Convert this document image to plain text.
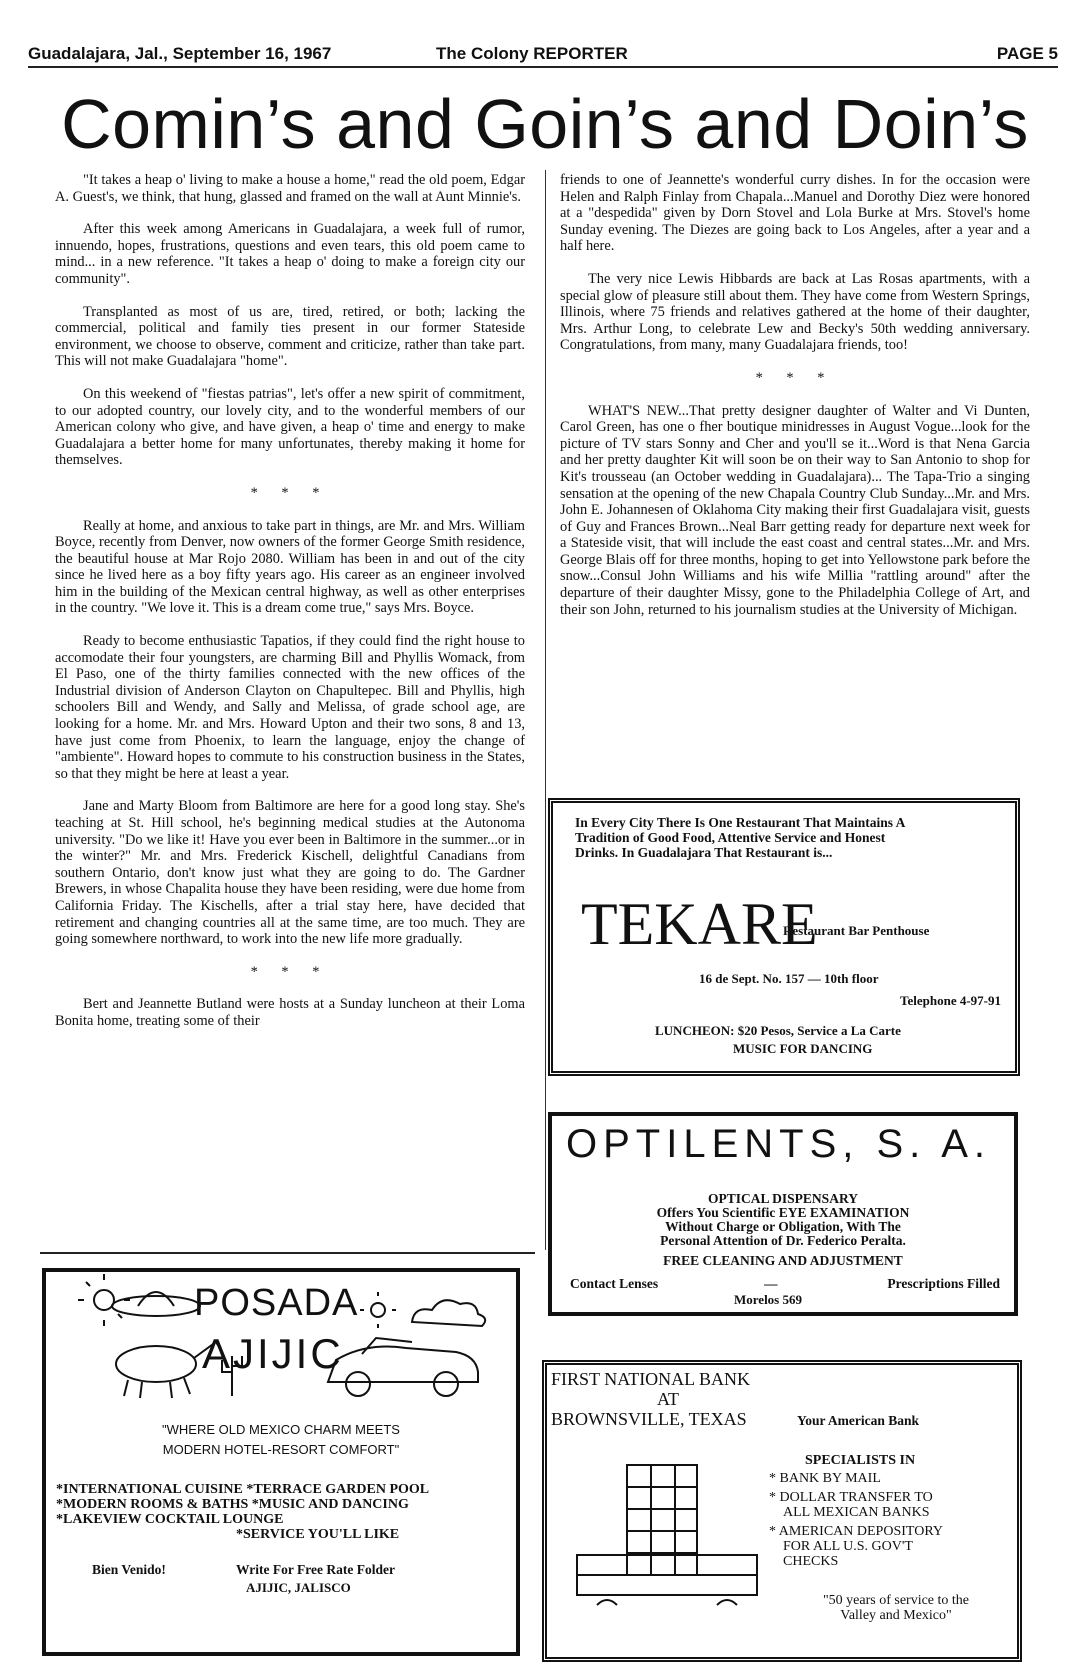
Guadalajara, Jal., September 16, 1967	The Colony REPORTER	PAGE 5
Comin’s and Goin’s and Doin’s

"It takes a heap o' living to make a house a home," read the old poem, Edgar A. Guest's, we think, that hung, glassed and framed on the wall at Aunt Minnie's.

After this week among Americans in Guadalajara, a week full of rumor, innuendo, hopes, frustrations, questions and even tears, this old poem came to mind... in a new reference. "It takes a heap o' doing to make a foreign city our community".

Transplanted as most of us are, tired, retired, or both; lacking the commercial, political and family ties present in our former Stateside environment, we choose to observe, comment and criticize, rather than take part. This will not make Guadalajara "home".

On this weekend of "fiestas patrias", let's offer a new spirit of commitment, to our adopted country, our lovely city, and to the wonderful members of our American colony who give, and have given, a heap o' time and energy to make Guadalajara a better home for many unfortunates, thereby making it home for themselves.

* * *

Really at home, and anxious to take part in things, are Mr. and Mrs. William Boyce, recently from Denver, now owners of the former George Smith residence, the beautiful house at Mar Rojo 2080. William has been in and out of the city since he lived here as a boy fifty years ago. His career as an engineer involved him in the building of the Mexican central highway, as well as other enterprises in the country. "We love it. This is a dream come true," says Mrs. Boyce.

Ready to become enthusiastic Tapatios, if they could find the right house to accomodate their four youngsters, are charming Bill and Phyllis Womack, from El Paso, one of the thirty families connected with the new offices of the Industrial division of Anderson Clayton on Chapultepec. Bill and Phyllis, high schoolers Bill and Wendy, and Sally and Melissa, of grade school age, are looking for a home. Mr. and Mrs. Howard Upton and their two sons, 8 and 13, have just come from Phoenix, to learn the language, enjoy the change of "ambiente". Howard hopes to commute to his construction business in the States, so that they might be here at least a year.

Jane and Marty Bloom from Baltimore are here for a good long stay. She's teaching at St. Hill school, he's beginning medical studies at the Autonoma university. "Do we like it! Have you ever been in Baltimore in the summer...or in the winter?" Mr. and Mrs. Frederick Kischell, delightful Canadians from southern Ontario, don't know just what they are going to do. The Gardner Brewers, in whose Chapalita house they have been residing, were due home from California Friday. The Kischells, after a trial stay here, have decided that retirement and changing countries all at the same time, are too much. They are going somewhere northward, to work into the new life more gradually.

* * *

Bert and Jeannette Butland were hosts at a Sunday luncheon at their Loma Bonita home, treating some of their

friends to one of Jeannette's wonderful curry dishes. In for the occasion were Helen and Ralph Finlay from Chapala...Manuel and Dorothy Diez were honored at a "despedida" given by Dorn Stovel and Lola Burke at Mrs. Stovel's home Sunday evening. The Diezes are going back to Los Angeles, after a year and a half here.

The very nice Lewis Hibbards are back at Las Rosas apartments, with a special glow of pleasure still about them. They have come from Western Springs, Illinois, where 75 friends and relatives gathered at the home of their daughter, Mrs. Arthur Long, to celebrate Lew and Becky's 50th wedding anniversary. Congratulations, from many, many Guadalajara friends, too!

* * *

WHAT'S NEW...That pretty designer daughter of Walter and Vi Dunten, Carol Green, has one o fher boutique minidresses in August Vogue...look for the picture of TV stars Sonny and Cher and you'll se it...Word is that Nena Garcia and her pretty daughter Kit will soon be on their way to San Antonio to shop for Kit's trousseau (an October wedding in Guadalajara)... The Tapa-Trio a singing sensation at the opening of the new Chapala Country Club Sunday...Mr. and Mrs. John E. Johannesen of Oklahoma City making their first Guadalajara visit, guests of Guy and Frances Brown...Neal Barr getting ready for departure next week for a Stateside visit, that will include the east coast and central states...Mr. and Mrs. George Blais off for three months, hoping to get into Yellowstone park before the snow...Consul John Williams and his wife Millia "rattling around" after the departure of their daughter Missy, gone to the Philadelphia College of Art, and their son John, returned to his journalism studies at the University of Michigan.

In Every City There Is One Restaurant That Maintains A Tradition of Good Food, Attentive Service and Honest Drinks. In Guadalajara That Restaurant is...
TEKARE
Restaurant Bar Penthouse
16 de Sept. No. 157 — 10th floor
Telephone 4-97-91
LUNCHEON: $20 Pesos, Service a La Carte
MUSIC FOR DANCING
OPTILENTS, S. A.
OPTICAL DISPENSARY
Offers You Scientific EYE EXAMINATION
Without Charge or Obligation, With The
Personal Attention of Dr. Federico Peralta.
FREE CLEANING AND ADJUSTMENT
Contact Lenses	—	Prescriptions Filled
Morelos 569
POSADA
AJIJIC
"WHERE OLD MEXICO CHARM MEETS
MODERN HOTEL-RESORT COMFORT"
*INTERNATIONAL CUISINE *TERRACE GARDEN POOL
*MODERN ROOMS & BATHS *MUSIC AND DANCING
*LAKEVIEW COCKTAIL LOUNGE
*SERVICE YOU'LL LIKE
Bien Venido!	Write For Free Rate Folder
AJIJIC, JALISCO
FIRST NATIONAL BANK
AT
BROWNSVILLE, TEXAS	Your American Bank
SPECIALISTS IN
* BANK BY MAIL
* DOLLAR TRANSFER TO
ALL MEXICAN BANKS
* AMERICAN DEPOSITORY
FOR ALL U.S. GOV'T
CHECKS
"50 years of service to the
Valley and Mexico"
